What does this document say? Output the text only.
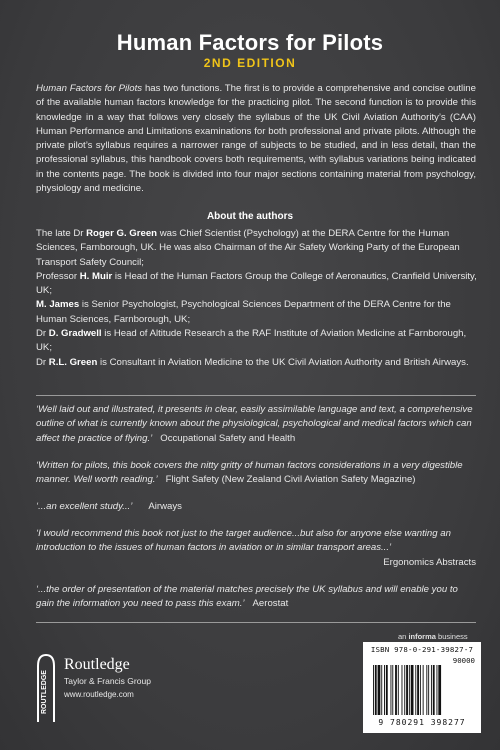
Human Factors for Pilots
2ND EDITION
Human Factors for Pilots has two functions. The first is to provide a comprehensive and concise outline of the available human factors knowledge for the practicing pilot. The second function is to provide this knowledge in a way that follows very closely the syllabus of the UK Civil Aviation Authority’s (CAA) Human Performance and Limitations examinations for both professional and private pilots. Although the private pilot’s syllabus requires a narrower range of subjects to be studied, and in less detail, than the professional syllabus, this handbook covers both requirements, with syllabus variations being indicated in the contents page. The book is divided into four major sections containing material from psychology, physiology and medicine.
About the authors

The late Dr Roger G. Green was Chief Scientist (Psychology) at the DERA Centre for the Human Sciences, Farnborough, UK. He was also Chairman of the Air Safety Working Party of the European Transport Safety Council;

Professor H. Muir is Head of the Human Factors Group the College of Aeronautics, Cranfield University, UK;

M. James is Senior Psychologist, Psychological Sciences Department of the DERA Centre for the Human Sciences, Farnborough, UK;

Dr D. Gradwell is Head of Altitude Research a the RAF Institute of Aviation Medicine at Farnborough, UK;

Dr R.L. Green is Consultant in Aviation Medicine to the UK Civil Aviation Authority and British Airways.

‘Well laid out and illustrated, it presents in clear, easily assimilable language and text, a comprehensive outline of what is currently known about the physiological, psychological and medical factors which can affect the practice of flying.’ Occupational Safety and Health
‘Written for pilots, this book covers the nitty gritty of human factors considerations in a very digestible manner. Well worth reading.’ Flight Safety (New Zealand Civil Aviation Safety Magazine)
‘...an excellent study...’ Airways
‘I would recommend this book not just to the target audience...but also for anyone else wanting an introduction to the issues of human factors in aviation or in similar transport areas...’
Ergonomics Abstracts
‘...the order of presentation of the material matches precisely the UK syllabus and will enable you to gain the information you need to pass this exam.’ Aerostat
an informa business
ROUTLEDGE
Routledge
Taylor & Francis Group
www.routledge.com
ISBN 978-0-291-39827-7
90000
9 780291 398277
